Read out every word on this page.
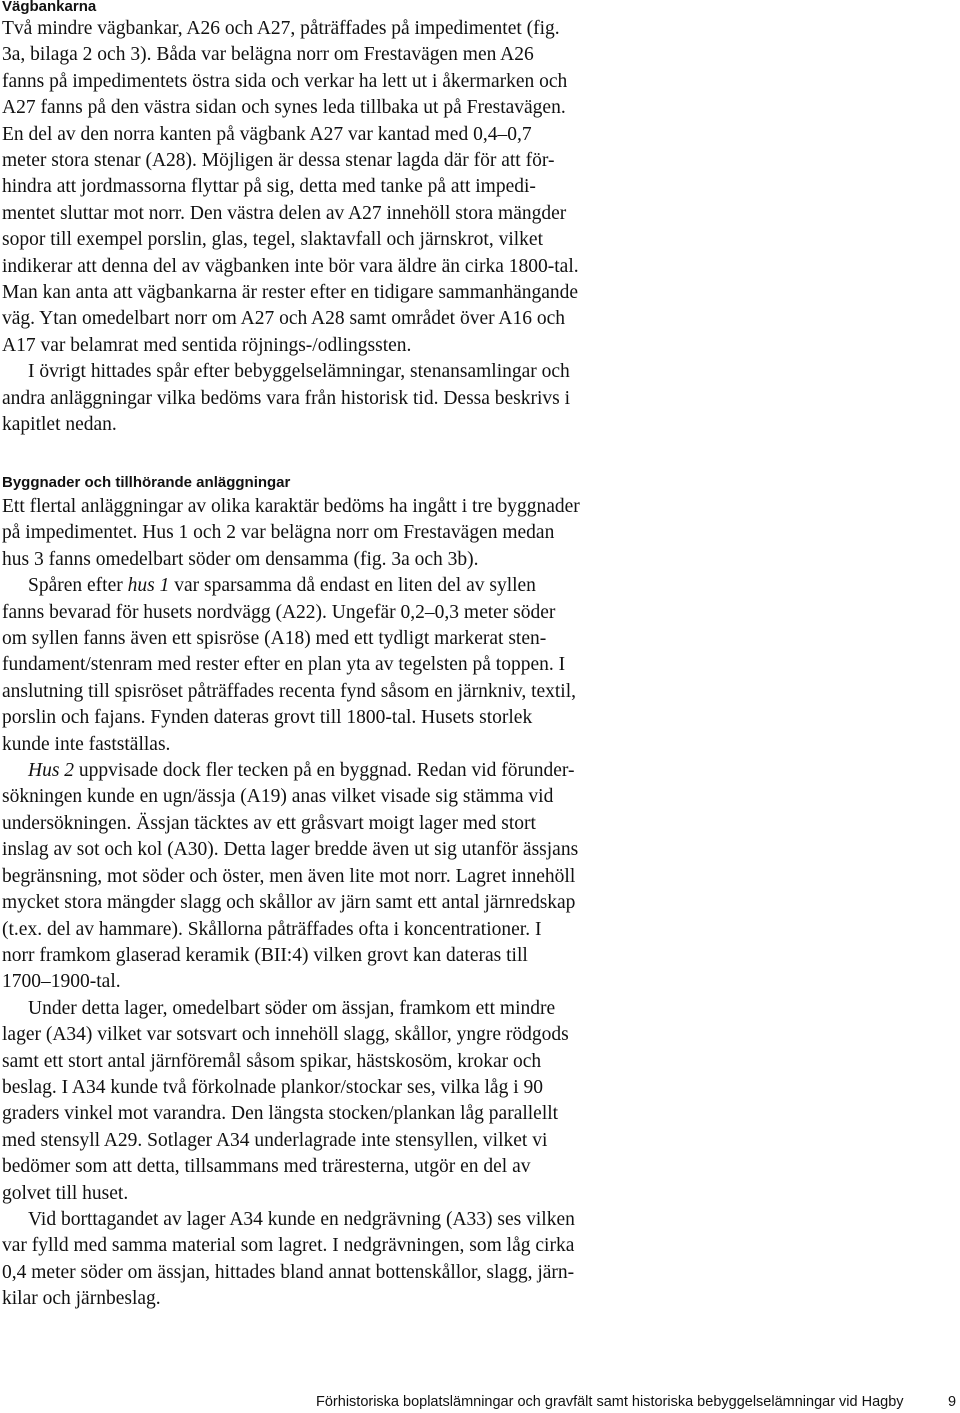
Vägbankarna

Två mindre vägbankar, A26 och A27, påträffades på impedimentet (fig.
3a, bilaga 2 och 3). Båda var belägna norr om Frestavägen men A26
fanns på impedimentets östra sida och verkar ha lett ut i åkermarken och
A27 fanns på den västra sidan och synes leda tillbaka ut på Frestavägen.
En del av den norra kanten på vägbank A27 var kantad med 0,4–0,7
meter stora stenar (A28). Möjligen är dessa stenar lagda där för att för-
hindra att jordmassorna flyttar på sig, detta med tanke på att impedi-
mentet sluttar mot norr. Den västra delen av A27 innehöll stora mängder
sopor till exempel porslin, glas, tegel, slaktavfall och järnskrot, vilket
indikerar att denna del av vägbanken inte bör vara äldre än cirka 1800-tal.
Man kan anta att vägbankarna är rester efter en tidigare sammanhängande
väg. Ytan omedelbart norr om A27 och A28 samt området över A16 och
A17 var belamrat med sentida röjnings-/odlingssten.

I övrigt hittades spår efter bebyggelselämningar, stenansamlingar och
andra anläggningar vilka bedöms vara från historisk tid. Dessa beskrivs i
kapitlet nedan.

Byggnader och tillhörande anläggningar

Ett flertal anläggningar av olika karaktär bedöms ha ingått i tre byggnader
på impedimentet. Hus 1 och 2 var belägna norr om Frestavägen medan
hus 3 fanns omedelbart söder om densamma (fig. 3a och 3b).

Spåren efter hus 1 var sparsamma då endast en liten del av syllen
fanns bevarad för husets nordvägg (A22). Ungefär 0,2–0,3 meter söder
om syllen fanns även ett spisröse (A18) med ett tydligt markerat sten-
fundament/stenram med rester efter en plan yta av tegelsten på toppen. I
anslutning till spisröset påträffades recenta fynd såsom en järnkniv, textil,
porslin och fajans. Fynden dateras grovt till 1800-tal. Husets storlek
kunde inte fastställas.

Hus 2 uppvisade dock fler tecken på en byggnad. Redan vid förunder-
sökningen kunde en ugn/ässja (A19) anas vilket visade sig stämma vid
undersökningen. Ässjan täcktes av ett gråsvart moigt lager med stort
inslag av sot och kol (A30). Detta lager bredde även ut sig utanför ässjans
begränsning, mot söder och öster, men även lite mot norr. Lagret innehöll
mycket stora mängder slagg och skållor av järn samt ett antal järnredskap
(t.ex. del av hammare). Skållorna påträffades ofta i koncentrationer. I
norr framkom glaserad keramik (BII:4) vilken grovt kan dateras till
1700–1900-tal.

Under detta lager, omedelbart söder om ässjan, framkom ett mindre
lager (A34) vilket var sotsvart och innehöll slagg, skållor, yngre rödgods
samt ett stort antal järnföremål såsom spikar, hästskosöm, krokar och
beslag. I A34 kunde två förkolnade plankor/stockar ses, vilka låg i 90
graders vinkel mot varandra. Den längsta stocken/plankan låg parallellt
med stensyll A29. Sotlager A34 underlagrade inte stensyllen, vilket vi
bedömer som att detta, tillsammans med träresterna, utgör en del av
golvet till huset.

Vid borttagandet av lager A34 kunde en nedgrävning (A33) ses vilken
var fylld med samma material som lagret. I nedgrävningen, som låg cirka
0,4 meter söder om ässjan, hittades bland annat bottenskållor, slagg, järn-
kilar och järnbeslag.

Förhistoriska boplatslämningar och gravfält samt historiska bebyggelselämningar vid Hagby	9
